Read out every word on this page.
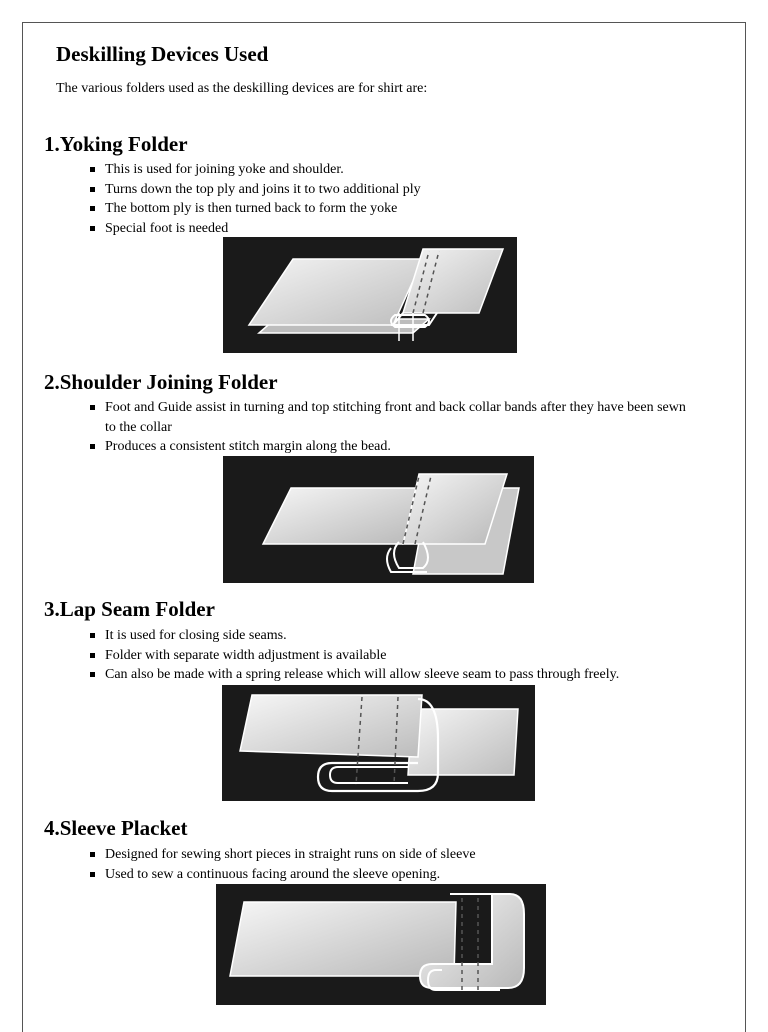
Deskilling Devices Used

The various folders used as the deskilling devices are for shirt are:

1.Yoking Folder
This is used for joining yoke and shoulder.
Turns down the top ply and joins it to two additional ply
The bottom ply is then turned back to form the yoke
Special foot is needed
2.Shoulder Joining Folder
Foot and Guide assist in turning and top stitching front and back collar bands after they have been sewn to the collar
Produces a consistent stitch margin along the bead.
3.Lap Seam Folder
It is used for closing side seams.
Folder with separate width adjustment is available
Can also be made with a spring release which will allow sleeve seam to pass through freely.
4.Sleeve Placket
Designed for sewing short pieces in straight runs on side of sleeve
Used to sew a continuous facing around the sleeve opening.
